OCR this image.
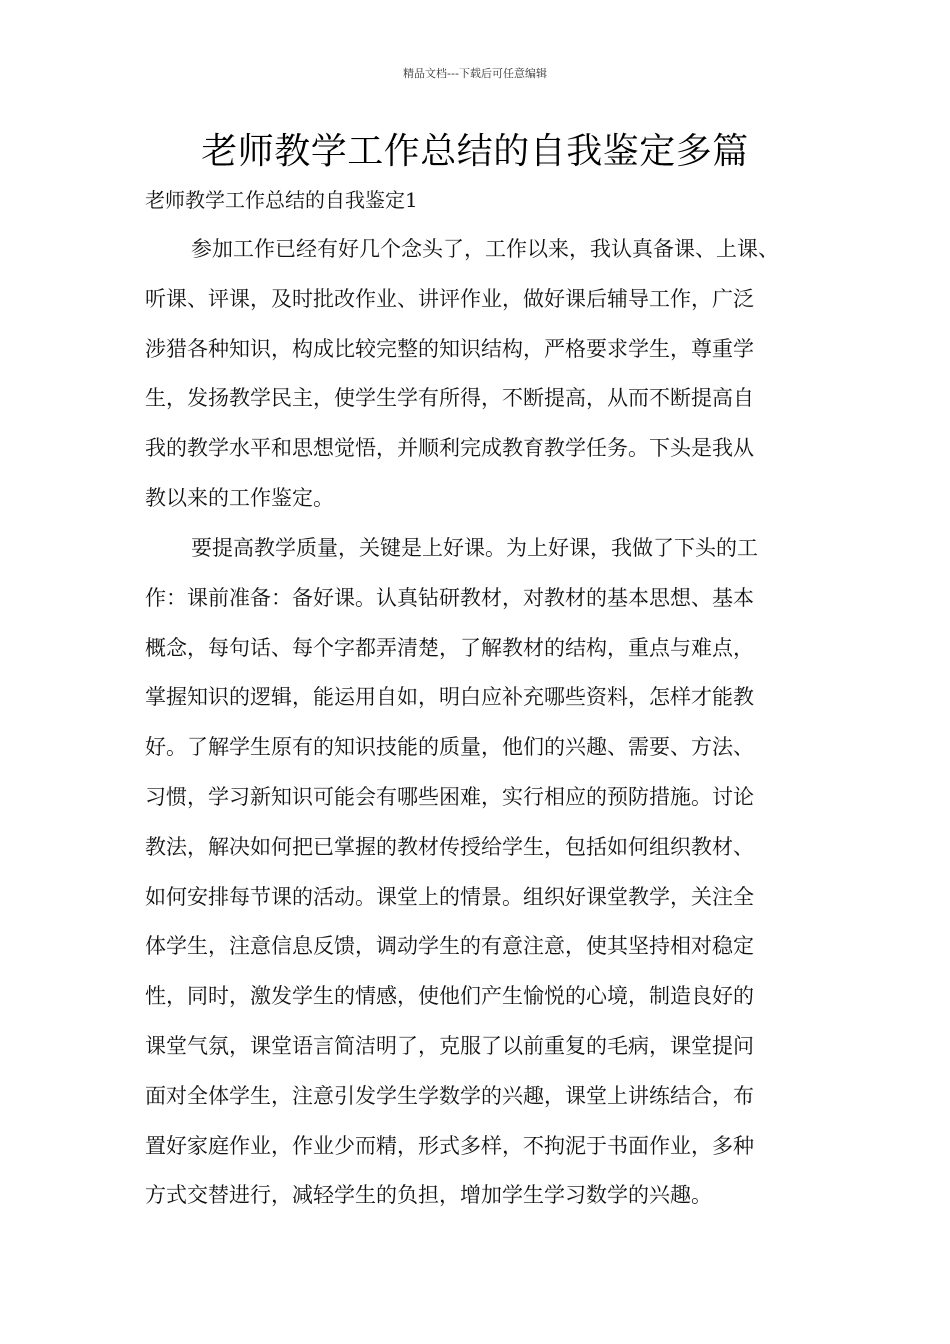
精品文档---下载后可任意编辑
老师教学工作总结的自我鉴定多篇
老师教学工作总结的自我鉴定1

参加工作已经有好几个念头了，工作以来，我认真备课、上课、
听课、评课，及时批改作业、讲评作业，做好课后辅导工作，广泛
涉猎各种知识，构成比较完整的知识结构，严格要求学生，尊重学
生，发扬教学民主，使学生学有所得，不断提高，从而不断提高自
我的教学水平和思想觉悟，并顺利完成教育教学任务。下头是我从
教以来的工作鉴定。

要提高教学质量，关键是上好课。为上好课，我做了下头的工
作：课前准备：备好课。认真钻研教材，对教材的基本思想、基本
概念，每句话、每个字都弄清楚，了解教材的结构，重点与难点，
掌握知识的逻辑，能运用自如，明白应补充哪些资料，怎样才能教
好。了解学生原有的知识技能的质量，他们的兴趣、需要、方法、
习惯，学习新知识可能会有哪些困难，实行相应的预防措施。讨论
教法，解决如何把已掌握的教材传授给学生，包括如何组织教材、
如何安排每节课的活动。课堂上的情景。组织好课堂教学，关注全
体学生，注意信息反馈，调动学生的有意注意，使其坚持相对稳定
性，同时，激发学生的情感，使他们产生愉悦的心境，制造良好的
课堂气氛，课堂语言简洁明了，克服了以前重复的毛病，课堂提问
面对全体学生，注意引发学生学数学的兴趣，课堂上讲练结合，布
置好家庭作业，作业少而精，形式多样，不拘泥于书面作业，多种
方式交替进行，减轻学生的负担，增加学生学习数学的兴趣。
